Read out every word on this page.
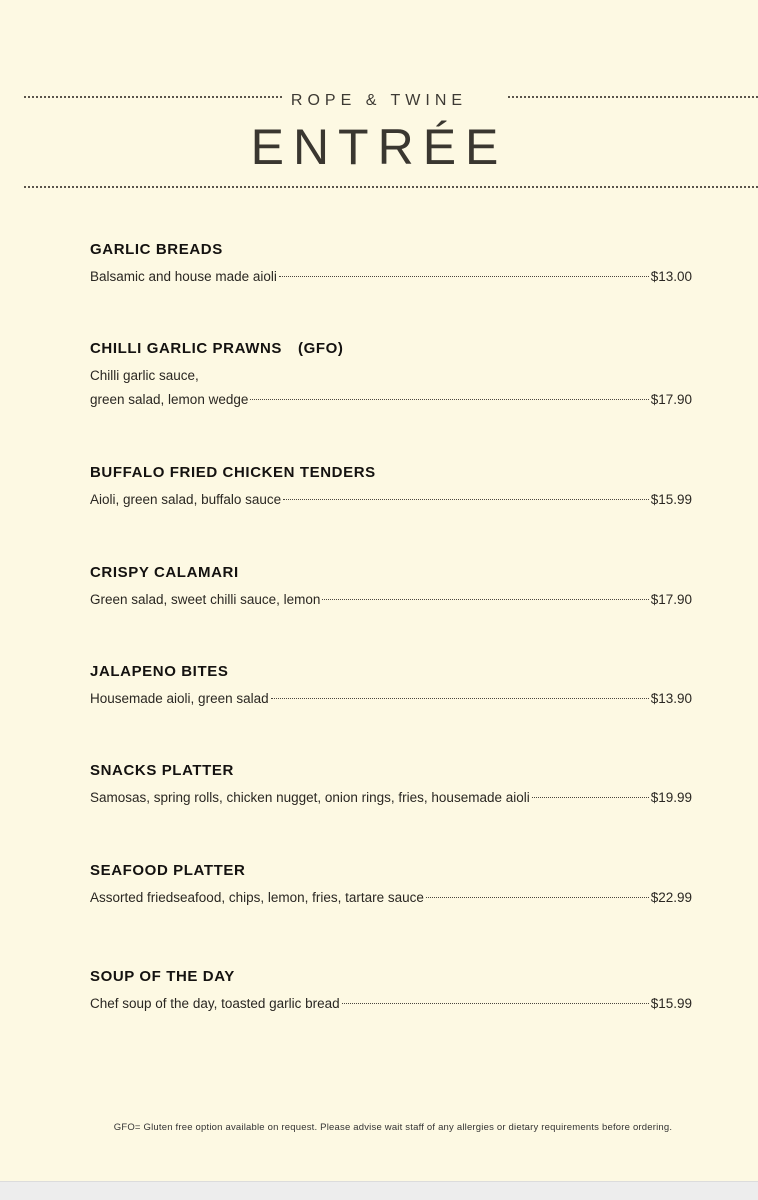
ROPE & TWINE
ENTRÉE
GARLIC BREADS
Balsamic and house made aioli	$13.00
CHILLI GARLIC PRAWNS (GFO)
Chilli garlic sauce,
green salad, lemon wedge	$17.90
BUFFALO FRIED CHICKEN TENDERS
Aioli, green salad, buffalo sauce	$15.99
CRISPY CALAMARI
Green salad, sweet chilli sauce, lemon	$17.90
JALAPENO BITES
Housemade aioli, green salad	$13.90
SNACKS PLATTER
Samosas, spring rolls, chicken nugget, onion rings, fries, housemade aioli	$19.99
SEAFOOD PLATTER
Assorted friedseafood, chips, lemon, fries, tartare sauce	$22.99
SOUP OF THE DAY
Chef soup of the day, toasted garlic bread	$15.99
GFO= Gluten free option available on request. Please advise wait staff of any allergies or dietary requirements before ordering.
